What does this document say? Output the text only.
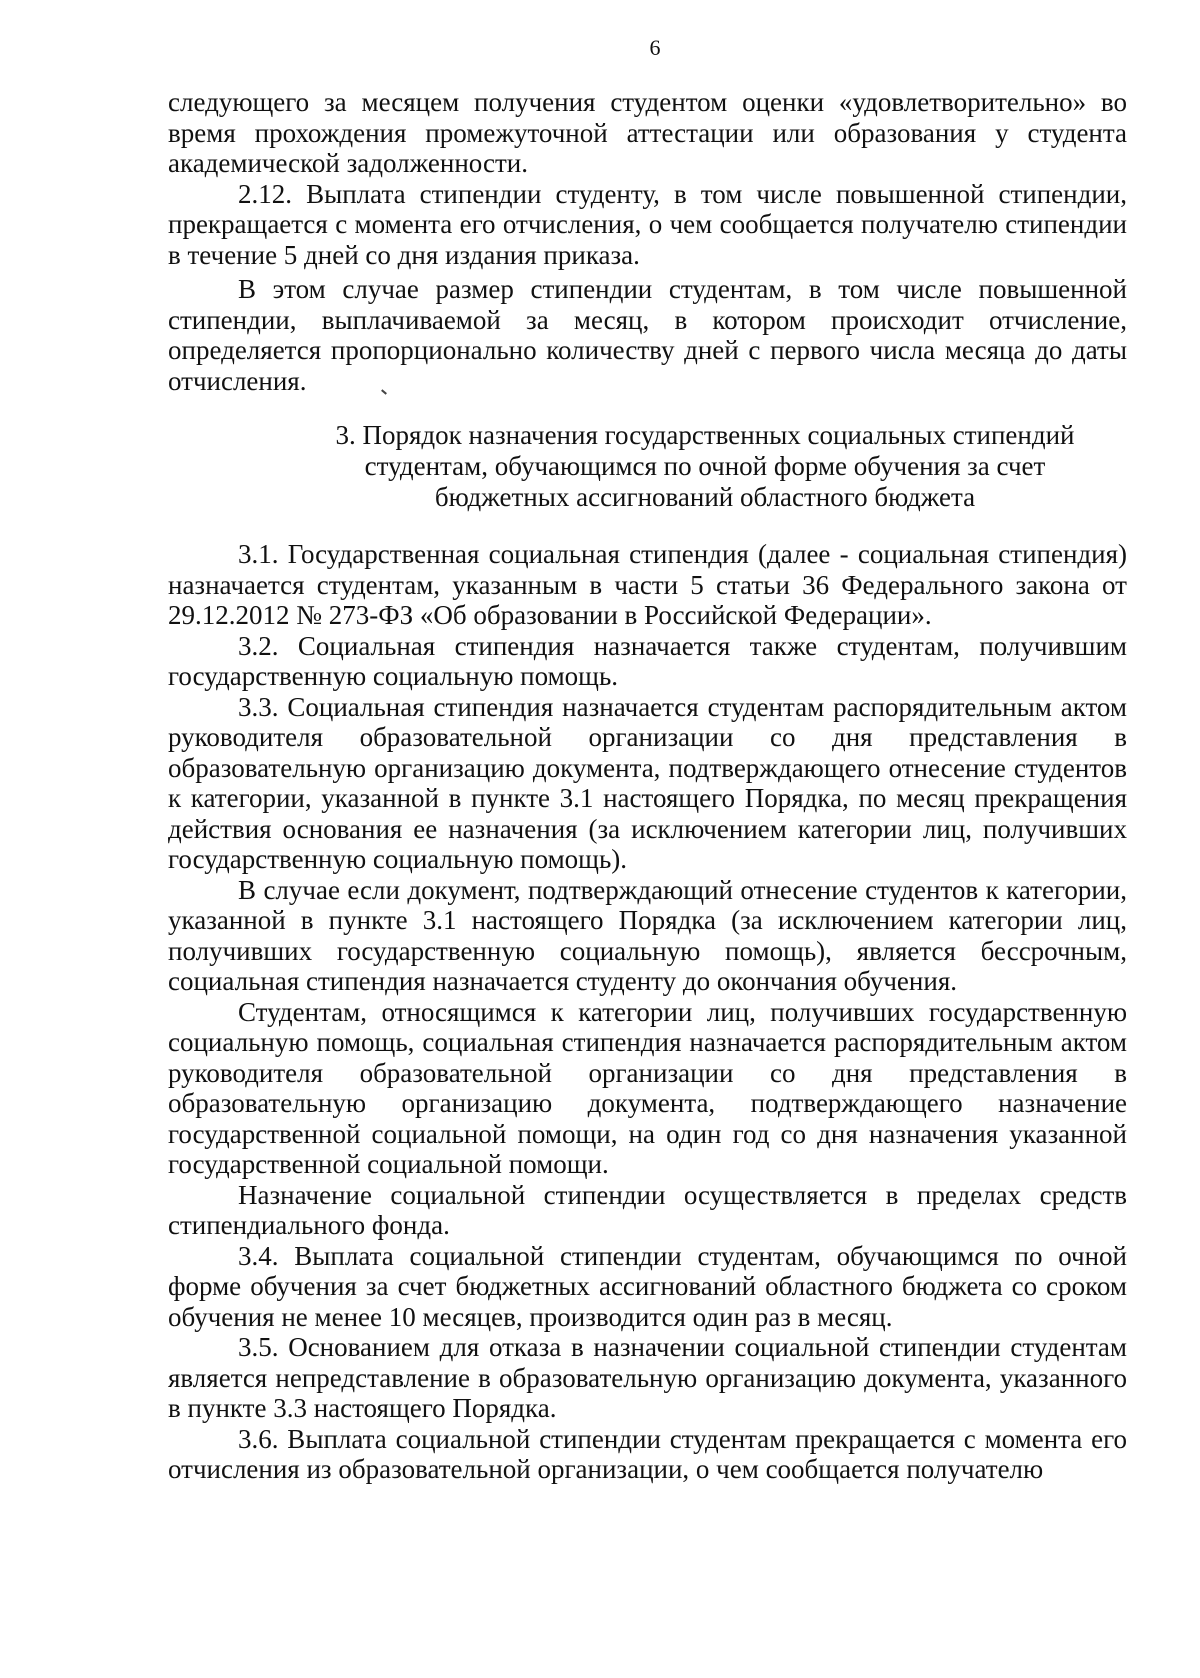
6

следующего за месяцем получения студентом оценки «удовлетворительно» во время прохождения промежуточной аттестации или образования у студента академической задолженности.

2.12. Выплата стипендии студенту, в том числе повышенной стипендии, прекращается с момента его отчисления, о чем сообщается получателю стипендии в течение 5 дней со дня издания приказа.

В этом случае размер стипендии студентам, в том числе повышенной стипендии, выплачиваемой за месяц, в котором происходит отчисление, определяется пропорционально количеству дней с первого числа месяца до даты отчисления.

3. Порядок назначения государственных социальных стипендий
студентам, обучающимся по очной форме обучения за счет
бюджетных ассигнований областного бюджета

3.1. Государственная социальная стипендия (далее - социальная стипендия) назначается студентам, указанным в части 5 статьи 36 Федерального закона от 29.12.2012 № 273-ФЗ «Об образовании в Российской Федерации».

3.2. Социальная стипендия назначается также студентам, получившим государственную социальную помощь.

3.3. Социальная стипендия назначается студентам распорядительным актом руководителя образовательной организации со дня представления в образовательную организацию документа, подтверждающего отнесение студентов к категории, указанной в пункте 3.1 настоящего Порядка, по месяц прекращения действия основания ее назначения (за исключением категории лиц, получивших государственную социальную помощь).

В случае если документ, подтверждающий отнесение студентов к категории, указанной в пункте 3.1 настоящего Порядка (за исключением категории лиц, получивших государственную социальную помощь), является бессрочным, социальная стипендия назначается студенту до окончания обучения.

Студентам, относящимся к категории лиц, получивших государственную социальную помощь, социальная стипендия назначается распорядительным актом руководителя образовательной организации со дня представления в образовательную организацию документа, подтверждающего назначение государственной социальной помощи, на один год со дня назначения указанной государственной социальной помощи.

Назначение социальной стипендии осуществляется в пределах средств стипендиального фонда.

3.4. Выплата социальной стипендии студентам, обучающимся по очной форме обучения за счет бюджетных ассигнований областного бюджета со сроком обучения не менее 10 месяцев, производится один раз в месяц.

3.5. Основанием для отказа в назначении социальной стипендии студентам является непредставление в образовательную организацию документа, указанного в пункте 3.3 настоящего Порядка.

3.6. Выплата социальной стипендии студентам прекращается с момента его отчисления из образовательной организации, о чем сообщается получателю
